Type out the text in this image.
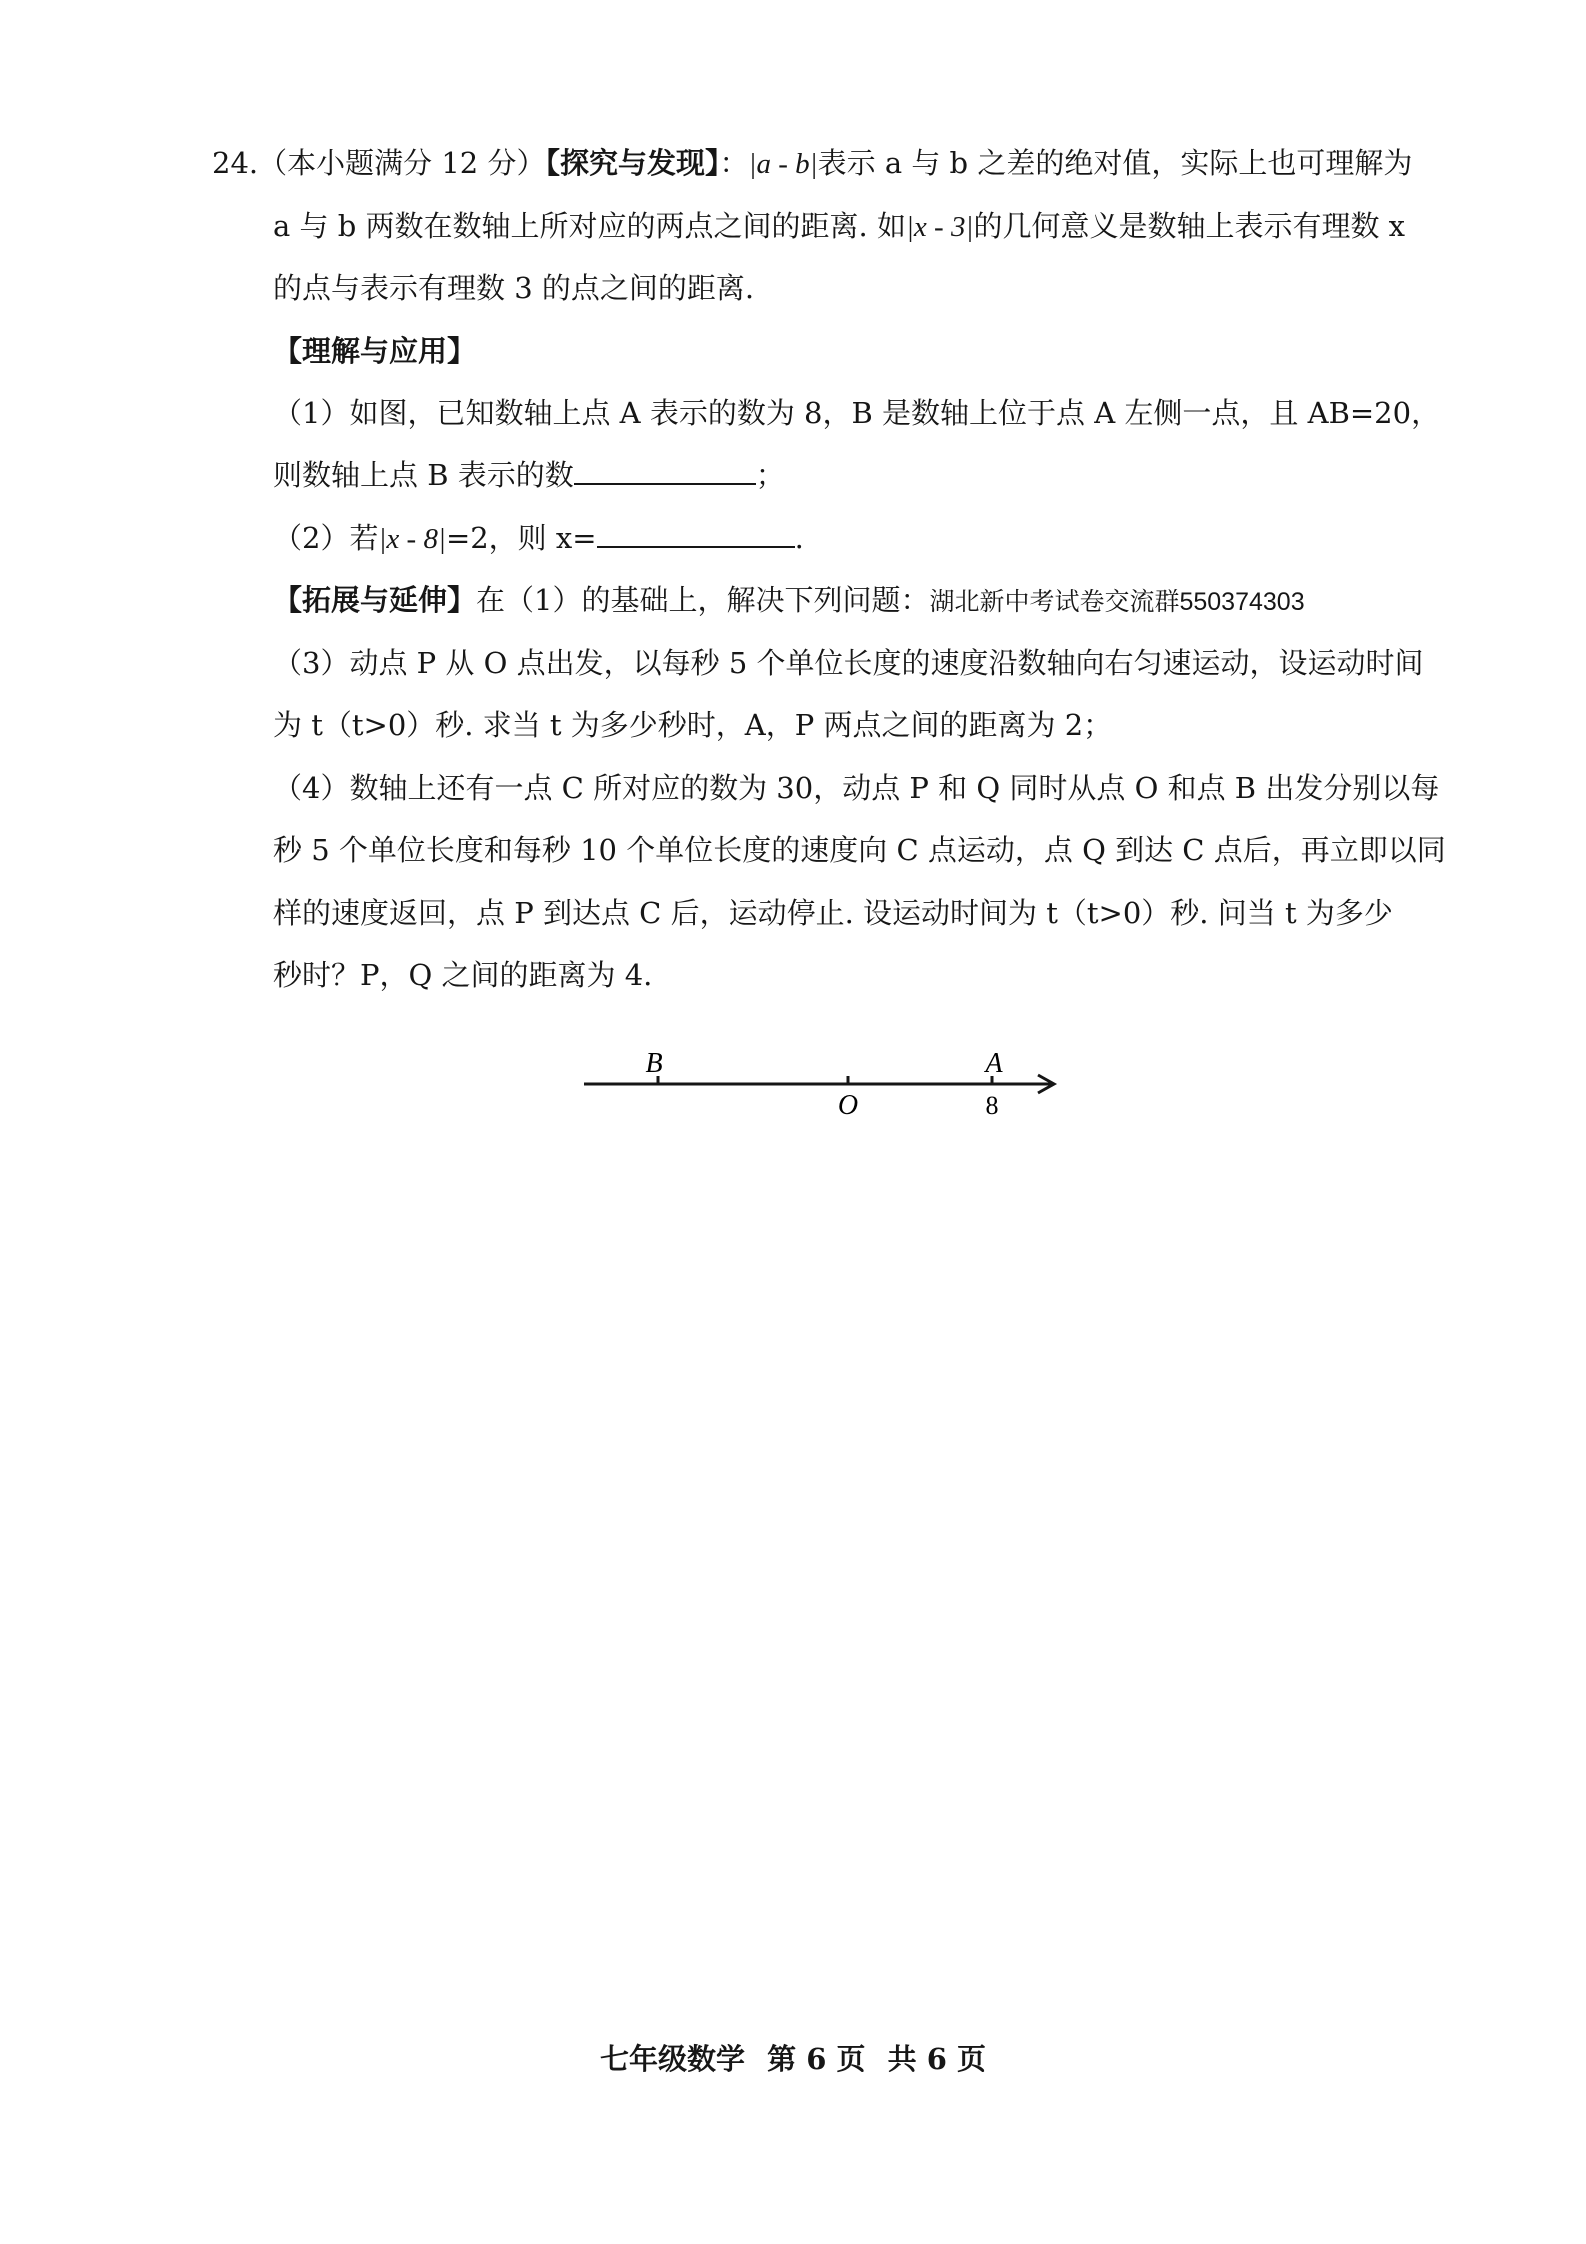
24.（本小题满分 12 分）【探究与发现】：|a - b|表示 a 与 b 之差的绝对值，实际上也可理解为
a 与 b 两数在数轴上所对应的两点之间的距离. 如|x - 3|的几何意义是数轴上表示有理数 x
的点与表示有理数 3 的点之间的距离.
【理解与应用】
（1）如图，已知数轴上点 A 表示的数为 8，B 是数轴上位于点 A 左侧一点，且 AB=20，
则数轴上点 B 表示的数	；
（2）若|x - 8|=2，则 x=	.
【拓展与延伸】在（1）的基础上，解决下列问题：湖北新中考试卷交流群550374303
（3）动点 P 从 O 点出发，以每秒 5 个单位长度的速度沿数轴向右匀速运动，设运动时间
为 t（t>0）秒. 求当 t 为多少秒时，A，P 两点之间的距离为 2；
（4）数轴上还有一点 C 所对应的数为 30，动点 P 和 Q 同时从点 O 和点 B 出发分别以每
秒 5 个单位长度和每秒 10 个单位长度的速度向 C 点运动，点 Q 到达 C 点后，再立即以同
样的速度返回，点 P 到达点 C 后，运动停止. 设运动时间为 t（t>0）秒. 问当 t 为多少
秒时？P，Q 之间的距离为 4.
B
O
A
8
七年级数学 第 6 页 共 6 页
